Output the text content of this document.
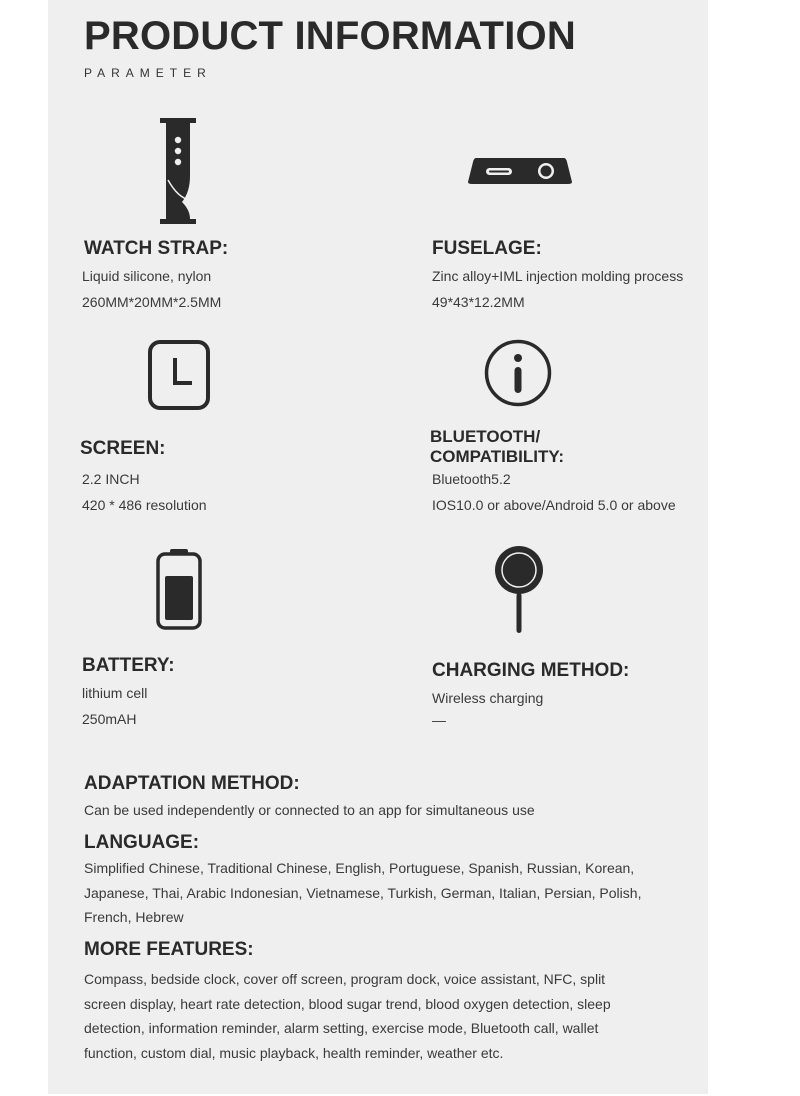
PRODUCT INFORMATION
PARAMETER
WATCH STRAP:
Liquid silicone, nylon
260MM*20MM*2.5MM
FUSELAGE:
Zinc alloy+IML injection molding process
49*43*12.2MM
SCREEN:
2.2 INCH
420 * 486 resolution
BLUETOOTH/
COMPATIBILITY:
Bluetooth5.2
IOS10.0 or above/Android 5.0 or above
BATTERY:
lithium cell
250mAH
CHARGING METHOD:
Wireless charging
—
ADAPTATION METHOD:
Can be used independently or connected to an app for simultaneous use
LANGUAGE:
Simplified Chinese, Traditional Chinese, English, Portuguese, Spanish, Russian, Korean,
Japanese, Thai, Arabic Indonesian, Vietnamese, Turkish, German, Italian, Persian, Polish,
French, Hebrew
MORE FEATURES:
Compass, bedside clock, cover off screen, program dock, voice assistant, NFC, split
screen display, heart rate detection, blood sugar trend, blood oxygen detection, sleep
detection, information reminder, alarm setting, exercise mode, Bluetooth call, wallet
function, custom dial, music playback, health reminder, weather etc.
